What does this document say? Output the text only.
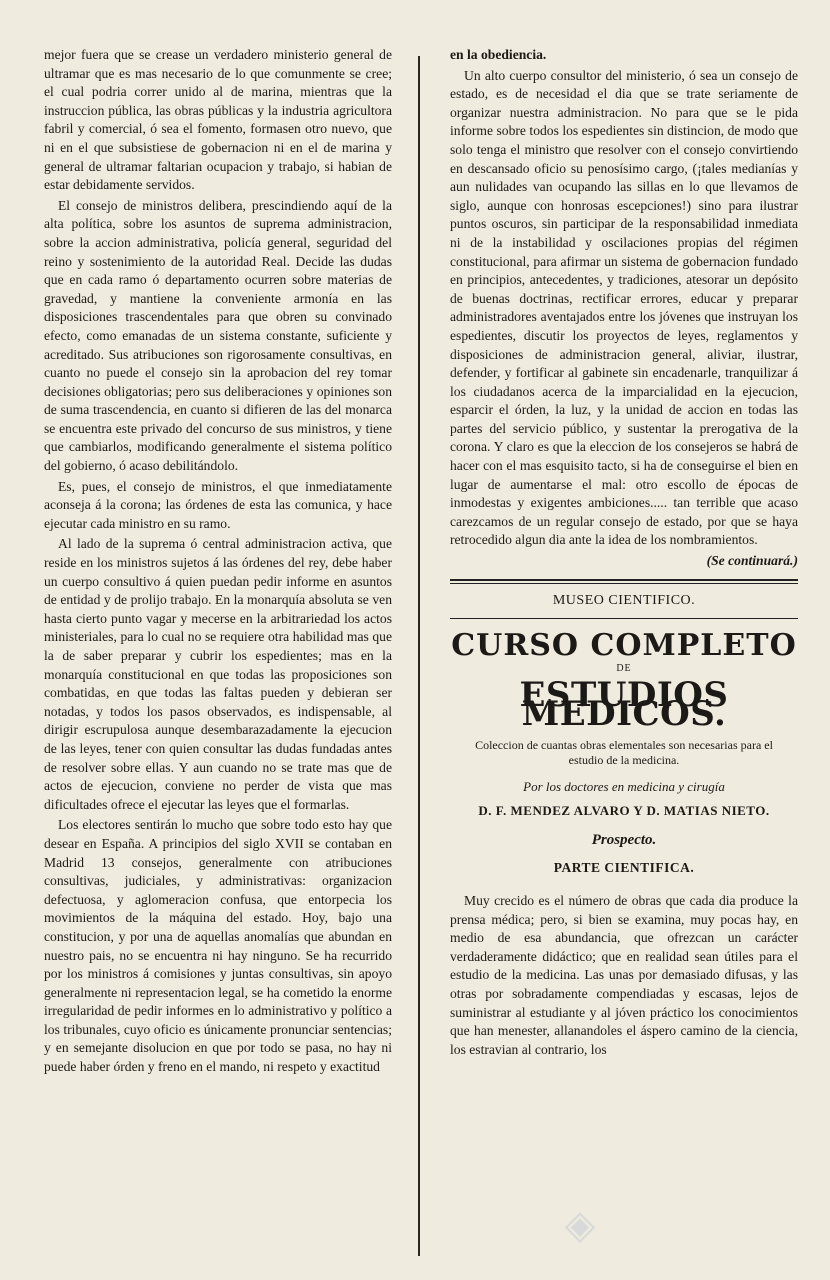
mejor fuera que se crease un verdadero ministerio general de ultramar que es mas necesario de lo que comunmente se cree; el cual podria correr unido al de marina, mientras que la instruccion pública, las obras públicas y la industria agricultora fabril y comercial, ó sea el fomento, formasen otro nuevo, que ni en el que subsistiese de gobernacion ni en el de marina y general de ultramar faltarian ocupacion y trabajo, si habian de estar debidamente servidos.

El consejo de ministros delibera, prescindiendo aquí de la alta política, sobre los asuntos de suprema administracion, sobre la accion administrativa, policía general, seguridad del reino y sostenimiento de la autoridad Real. Decide las dudas que en cada ramo ó departamento ocurren sobre materias de gravedad, y mantiene la conveniente armonía en las disposiciones trascendentales para que obren su convinado efecto, como emanadas de un sistema constante, suficiente y acreditado. Sus atribuciones son rigorosamente consultivas, en cuanto no puede el consejo sin la aprobacion del rey tomar decisiones obligatorias; pero sus deliberaciones y opiniones son de suma trascendencia, en cuanto si difieren de las del monarca se encuentra este privado del concurso de sus ministros, y tiene que cambiarlos, modificando generalmente el sistema político del gobierno, ó acaso debilitándolo.

Es, pues, el consejo de ministros, el que inmediatamente aconseja á la corona; las órdenes de esta las comunica, y hace ejecutar cada ministro en su ramo.

Al lado de la suprema ó central administracion activa, que reside en los ministros sujetos á las órdenes del rey, debe haber un cuerpo consultivo á quien puedan pedir informe en asuntos de entidad y de prolijo trabajo. En la monarquía absoluta se ven hasta cierto punto vagar y mecerse en la arbitrariedad los actos ministeriales, para lo cual no se requiere otra habilidad mas que la de saber preparar y cubrir los espedientes; mas en la monarquía constitucional en que todas las proposiciones son combatidas, en que todas las faltas pueden y debieran ser notadas, y todos los pasos observados, es indispensable, al dirigir escrupulosa aunque desembarazadamente la ejecucion de las leyes, tener con quien consultar las dudas fundadas antes de resolver sobre ellas. Y aun cuando no se trate mas que de actos de ejecucion, conviene no perder de vista que mas dificultades ofrece el ejecutar las leyes que el formarlas.

Los electores sentirán lo mucho que sobre todo esto hay que desear en España. A principios del siglo XVII se contaban en Madrid 13 consejos, generalmente con atribuciones consultivas, judiciales, y administrativas: organizacion defectuosa, y aglomeracion confusa, que entorpecia los movimientos de la máquina del estado. Hoy, bajo una constitucion, y por una de aquellas anomalías que abundan en nuestro pais, no se encuentra ni hay ninguno. Se ha recurrido por los ministros á comisiones y juntas consultivas, sin apoyo generalmente ni representacion legal, se ha cometido la enorme irregularidad de pedir informes en lo administrativo y político a los tribunales, cuyo oficio es únicamente pronunciar sentencias; y en semejante disolucion en que por todo se pasa, no hay ni puede haber órden y freno en el mando, ni respeto y exactitud

en la obediencia.

Un alto cuerpo consultor del ministerio, ó sea un consejo de estado, es de necesidad el dia que se trate seriamente de organizar nuestra administracion. No para que se le pida informe sobre todos los espedientes sin distincion, de modo que solo tenga el ministro que resolver con el consejo convirtiendo en descansado oficio su penosísimo cargo, (¡tales medianías y aun nulidades van ocupando las sillas en lo que llevamos de siglo, aunque con honrosas escepciones!) sino para ilustrar puntos oscuros, sin participar de la responsabilidad inmediata ni de la instabilidad y oscilaciones propias del régimen constitucional, para afirmar un sistema de gobernacion fundado en principios, antecedentes, y tradiciones, atesorar un depósito de buenas doctrinas, rectificar errores, educar y preparar administradores aventajados entre los jóvenes que instruyan los espedientes, discutir los proyectos de leyes, reglamentos y disposiciones de administracion general, aliviar, ilustrar, defender, y fortificar al gabinete sin encadenarle, tranquilizar á los ciudadanos acerca de la imparcialidad en la ejecucion, esparcir el órden, la luz, y la unidad de accion en todas las partes del servicio público, y sustentar la prerogativa de la corona. Y claro es que la eleccion de los consejeros se habrá de hacer con el mas esquisito tacto, si ha de conseguirse el bien en lugar de aumentarse el mal: otro escollo de épocas de inmodestas y exigentes ambiciones..... tan terrible que acaso carezcamos de un regular consejo de estado, por que se haya retrocedido algun dia ante la idea de los nombramientos.

(Se continuará.)

MUSEO CIENTIFICO.
CURSO COMPLETO
DE
ESTUDIOS MEDICOS.
Coleccion de cuantas obras elementales son necesarias para el estudio de la medicina.
Por los doctores en medicina y cirugía
D. F. MENDEZ ALVARO Y D. MATIAS NIETO.
Prospecto.
PARTE CIENTIFICA.

Muy crecido es el número de obras que cada dia produce la prensa médica; pero, si bien se examina, muy pocas hay, en medio de esa abundancia, que ofrezcan un carácter verdaderamente didáctico; que en realidad sean útiles para el estudio de la medicina. Las unas por demasiado difusas, y las otras por sobradamente compendiadas y escasas, lejos de suministrar al estudiante y al jóven práctico los conocimientos que han menester, allanandoles el áspero camino de la ciencia, los estravian al contrario, los

◈
